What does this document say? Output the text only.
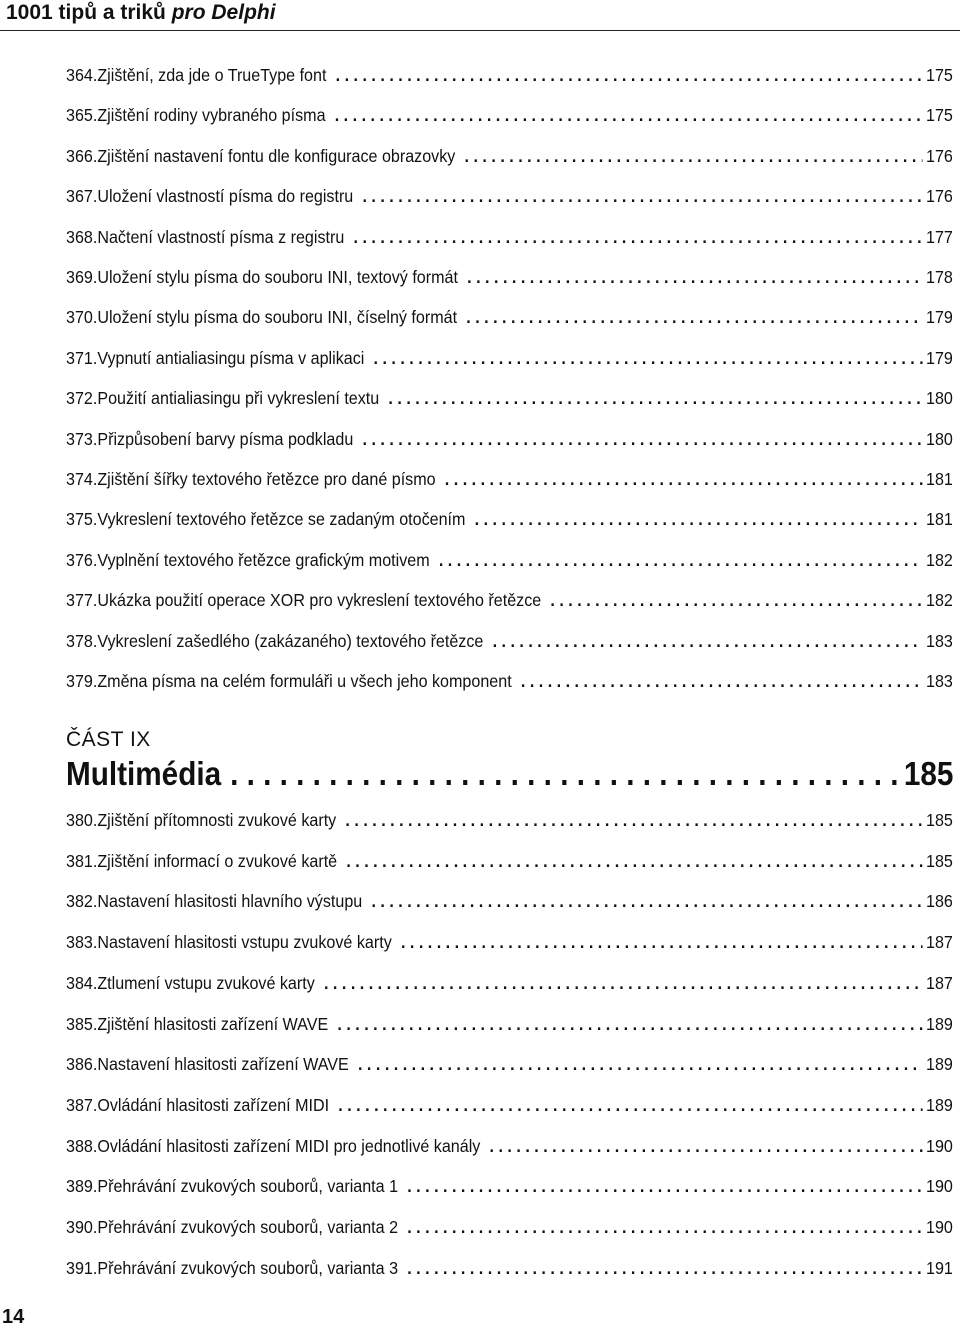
1001 tipů a triků pro Delphi
364. Zjištění, zda jde o TrueType font . . .	175
365. Zjištění rodiny vybraného písma . . .	175
366. Zjištění nastavení fontu dle konfigurace obrazovky . . .	176
367. Uložení vlastností písma do registru . . .	176
368. Načtení vlastností písma z registru . . .	177
369. Uložení stylu písma do souboru INI, textový formát . . .	178
370. Uložení stylu písma do souboru INI, číselný formát . . .	179
371. Vypnutí antialiasingu písma v aplikaci . . .	179
372. Použití antialiasingu při vykreslení textu . . .	180
373. Přizpůsobení barvy písma podkladu . . .	180
374. Zjištění šířky textového řetězce pro dané písmo . . .	181
375. Vykreslení textového řetězce se zadaným otočením . . .	181
376. Vyplnění textového řetězce grafickým motivem . . .	182
377. Ukázka použití operace XOR pro vykreslení textového řetězce . . .	182
378. Vykreslení zašedlého (zakázaného) textového řetězce . . .	183
379. Změna písma na celém formuláři u všech jeho komponent . . .	183
ČÁST IX
Multimédia . . .	185
380. Zjištění přítomnosti zvukové karty . . .	185
381. Zjištění informací o zvukové kartě . . .	185
382. Nastavení hlasitosti hlavního výstupu . . .	186
383. Nastavení hlasitosti vstupu zvukové karty . . .	187
384. Ztlumení vstupu zvukové karty . . .	187
385. Zjištění hlasitosti zařízení WAVE . . .	189
386. Nastavení hlasitosti zařízení WAVE . . .	189
387. Ovládání hlasitosti zařízení MIDI . . .	189
388. Ovládání hlasitosti zařízení MIDI pro jednotlivé kanály . . .	190
389. Přehrávání zvukových souborů, varianta 1 . . .	190
390. Přehrávání zvukových souborů, varianta 2 . . .	190
391. Přehrávání zvukových souborů, varianta 3 . . .	191
14
